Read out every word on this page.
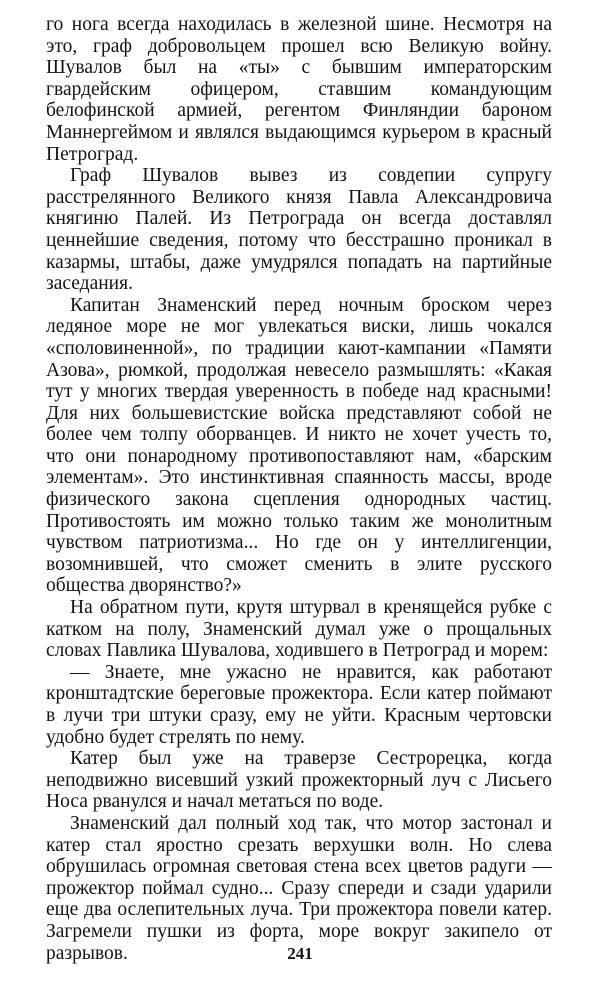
го нога всегда находилась в железной шине. Несмотря на это, граф добровольцем прошел всю Великую войну. Шувалов был на «ты» с бывшим императорским гвардейским офицером, ставшим командующим белофинской армией, регентом Финляндии бароном Маннергеймом и являлся выдающимся курьером в красный Петроград.

Граф Шувалов вывез из совдепии супругу расстрелянного Великого князя Павла Александровича княгиню Палей. Из Петрограда он всегда доставлял ценнейшие сведения, потому что бесстрашно проникал в казармы, штабы, даже умудрялся попадать на партийные заседания.

Капитан Знаменский перед ночным броском через ледяное море не мог увлекаться виски, лишь чокался «споловиненной», по традиции кают-кампании «Памяти Азова», рюмкой, продолжая невесело размышлять: «Какая тут у многих твердая уверенность в победе над красными! Для них большевистские войска представляют собой не более чем толпу оборванцев. И никто не хочет учесть то, что они понародному противопоставляют нам, «барским элементам». Это инстинктивная спаянность массы, вроде физического закона сцепления однородных частиц. Противостоять им можно только таким же монолитным чувством патриотизма... Но где он у интеллигенции, возомнившей, что сможет сменить в элите русского общества дворянство?»

На обратном пути, крутя штурвал в кренящейся рубке с катком на полу, Знаменский думал уже о прощальных словах Павлика Шувалова, ходившего в Петроград и морем:

— Знаете, мне ужасно не нравится, как работают кронштадтские береговые прожектора. Если катер поймают в лучи три штуки сразу, ему не уйти. Красным чертовски удобно будет стрелять по нему.

Катер был уже на траверзе Сестрорецка, когда неподвижно висевший узкий прожекторный луч с Лисьего Носа рванулся и начал метаться по воде.

Знаменский дал полный ход так, что мотор застонал и катер стал яростно срезать верхушки волн. Но слева обрушилась огромная световая стена всех цветов радуги — прожектор поймал судно... Сразу спереди и сзади ударили еще два ослепительных луча. Три прожектора повели катер. Загремели пушки из форта, море вокруг закипело от разрывов.	241
